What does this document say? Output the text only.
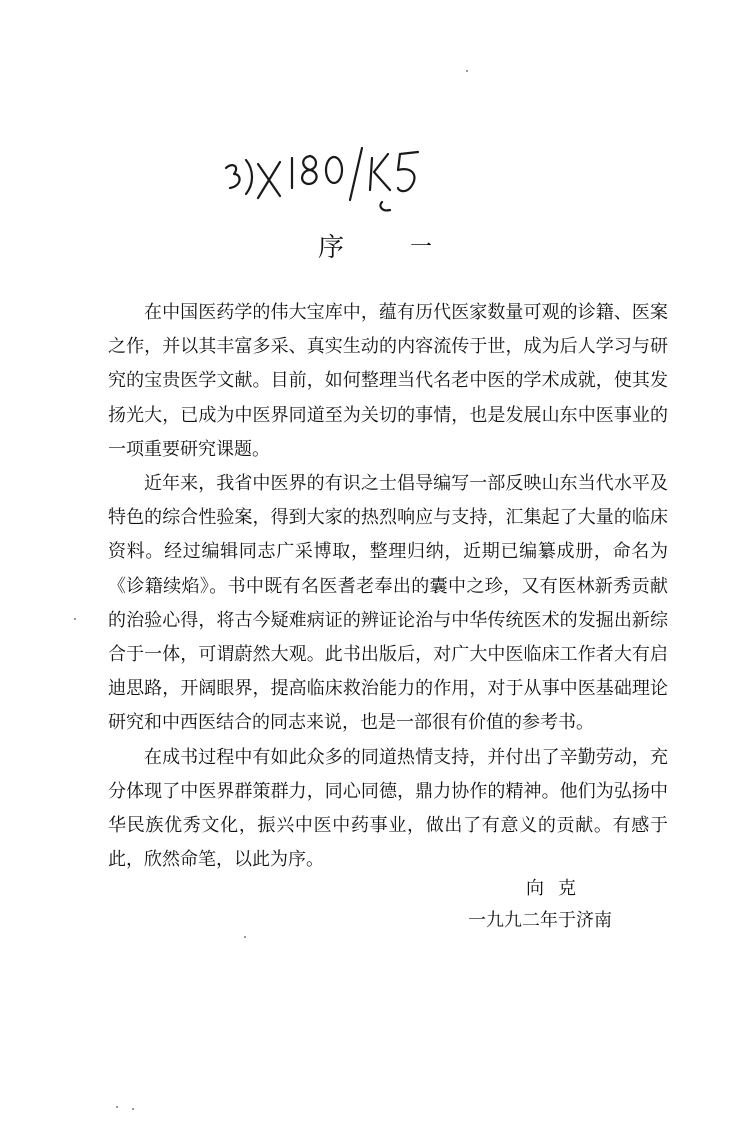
序	一

在中国医药学的伟大宝库中，蕴有历代医家数量可观的诊籍、医案之作，并以其丰富多采、真实生动的内容流传于世，成为后人学习与研究的宝贵医学文献。目前，如何整理当代名老中医的学术成就，使其发扬光大，已成为中医界同道至为关切的事情，也是发展山东中医事业的一项重要研究课题。

近年来，我省中医界的有识之士倡导编写一部反映山东当代水平及特色的综合性验案，得到大家的热烈响应与支持，汇集起了大量的临床资料。经过编辑同志广采博取，整理归纳，近期已编纂成册，命名为《诊籍续焰》。书中既有名医耆老奉出的囊中之珍，又有医林新秀贡献的治验心得，将古今疑难病证的辨证论治与中华传统医术的发掘出新综合于一体，可谓蔚然大观。此书出版后，对广大中医临床工作者大有启迪思路，开阔眼界，提高临床救治能力的作用，对于从事中医基础理论研究和中西医结合的同志来说，也是一部很有价值的参考书。

在成书过程中有如此众多的同道热情支持，并付出了辛勤劳动，充分体现了中医界群策群力，同心同德，鼎力协作的精神。他们为弘扬中华民族优秀文化，振兴中医中药事业，做出了有意义的贡献。有感于此，欣然命笔，以此为序。

向克
一九九二年于济南
